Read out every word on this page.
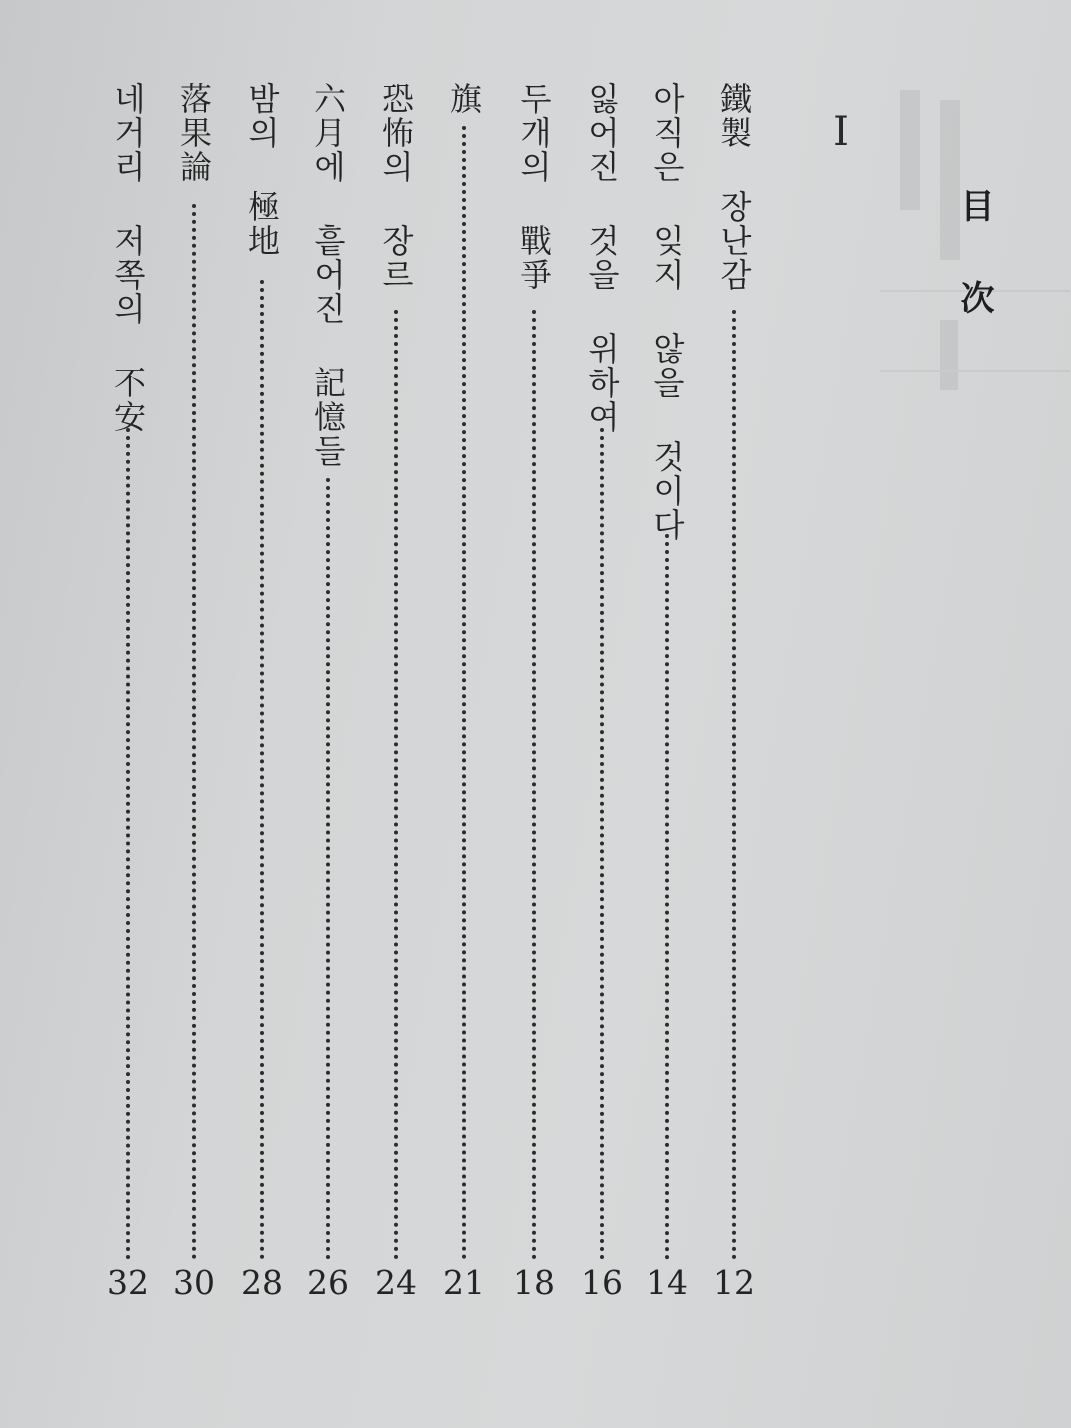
目次
I
鐵製 장난감
12
아직은 잊지 않을 것이다
14
잃어진 것을 위하여
16
두개의 戰爭
18
旗
21
恐怖의 장르
24
六月에 흩어진 記憶들
26
밤의 極地
28
落果論
30
네거리 저쪽의 不安
32
